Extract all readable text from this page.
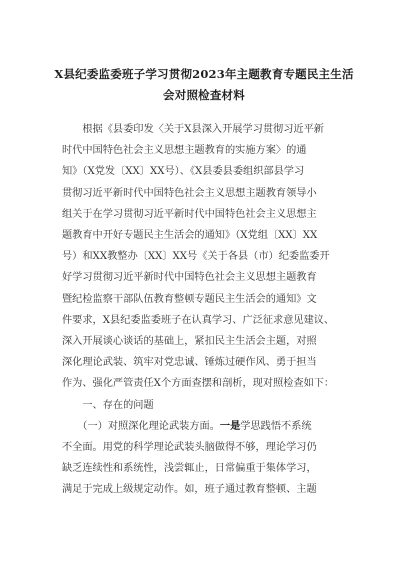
X县纪委监委班子学习贯彻2023年主题教育专题民主生活
会对照检查材料

　　根据《县委印发〈关于X县深入开展学习贯彻习近平新
时代中国特色社会主义思想主题教育的实施方案〉的通
知》（X党发〔XX〕XX号）、《X县委县委组织部县学习
贯彻习近平新时代中国特色社会主义思想主题教育领导小
组关于在学习贯彻习近平新时代中国特色社会主义思想主
题教育中开好专题民主生活会的通知》（X党组〔XX〕XX
号）和XX教整办〔XX〕XX号《关于各县（市）纪委监委开
好学习贯彻习近平新时代中国特色社会主义思想主题教育
暨纪检监察干部队伍教育整顿专题民主生活会的通知》文
件要求，X县纪委监委班子在认真学习、广泛征求意见建议、
深入开展谈心谈话的基础上，紧扣民主生活会主题，对照
深化理论武装、筑牢对党忠诚、锤炼过硬作风、勇于担当
作为、强化严管责任X个方面查摆和剖析，现对照检查如下：

　　一、存在的问题

　　（一）对照深化理论武装方面。一是学思践悟不系统
不全面。用党的科学理论武装头脑做得不够，理论学习仍
缺乏连续性和系统性，浅尝辄止，日常偏重于集体学习，
满足于完成上级规定动作。如，班子通过教育整顿、主题
